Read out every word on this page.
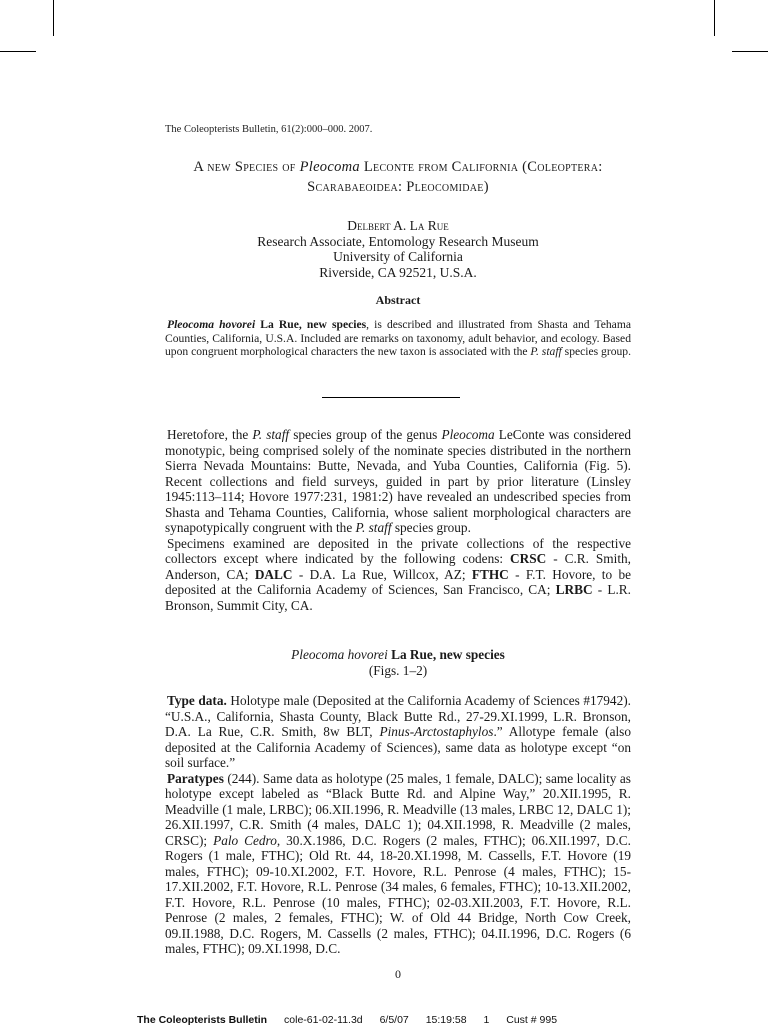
The Coleopterists Bulletin, 61(2):000–000. 2007.
A new Species of Pleocoma Leconte from California (Coleoptera:
Scarabaeoidea: Pleocomidae)
Delbert A. La Rue
Research Associate, Entomology Research Museum
University of California
Riverside, CA 92521, U.S.A.
Abstract
Pleocoma hovorei La Rue, new species, is described and illustrated from Shasta and Tehama Counties, California, U.S.A. Included are remarks on taxonomy, adult behavior, and ecology. Based upon congruent morphological characters the new taxon is associated with the P. staff species group.

Heretofore, the P. staff species group of the genus Pleocoma LeConte was considered monotypic, being comprised solely of the nominate species distributed in the northern Sierra Nevada Mountains: Butte, Nevada, and Yuba Counties, California (Fig. 5). Recent collections and field surveys, guided in part by prior literature (Linsley 1945:113–114; Hovore 1977:231, 1981:2) have revealed an undescribed species from Shasta and Tehama Counties, California, whose salient morphological characters are synapotypically congruent with the P. staff species group.

Specimens examined are deposited in the private collections of the respective collectors except where indicated by the following codens: CRSC - C.R. Smith, Anderson, CA; DALC - D.A. La Rue, Willcox, AZ; FTHC - F.T. Hovore, to be deposited at the California Academy of Sciences, San Francisco, CA; LRBC - L.R. Bronson, Summit City, CA.

Pleocoma hovorei La Rue, new species
(Figs. 1–2)

Type data. Holotype male (Deposited at the California Academy of Sciences #17942). “U.S.A., California, Shasta County, Black Butte Rd., 27-29.XI.1999, L.R. Bronson, D.A. La Rue, C.R. Smith, 8w BLT, Pinus-Arctostaphylos.” Allotype female (also deposited at the California Academy of Sciences), same data as holotype except “on soil surface.”

Paratypes (244). Same data as holotype (25 males, 1 female, DALC); same locality as holotype except labeled as “Black Butte Rd. and Alpine Way,” 20.XII.1995, R. Meadville (1 male, LRBC); 06.XII.1996, R. Meadville (13 males, LRBC 12, DALC 1); 26.XII.1997, C.R. Smith (4 males, DALC 1); 04.XII.1998, R. Meadville (2 males, CRSC); Palo Cedro, 30.X.1986, D.C. Rogers (2 males, FTHC); 06.XII.1997, D.C. Rogers (1 male, FTHC); Old Rt. 44, 18-20.XI.1998, M. Cassells, F.T. Hovore (19 males, FTHC); 09-10.XI.2002, F.T. Hovore, R.L. Penrose (4 males, FTHC); 15-17.XII.2002, F.T. Hovore, R.L. Penrose (34 males, 6 females, FTHC); 10-13.XII.2002, F.T. Hovore, R.L. Penrose (10 males, FTHC); 02-03.XII.2003, F.T. Hovore, R.L. Penrose (2 males, 2 females, FTHC); W. of Old 44 Bridge, North Cow Creek, 09.II.1988, D.C. Rogers, M. Cassells (2 males, FTHC); 04.II.1996, D.C. Rogers (6 males, FTHC); 09.XI.1998, D.C.

0
The Coleopterists Bulletin cole-61-02-11.3d 6/5/07 15:19:58 1 Cust # 995
